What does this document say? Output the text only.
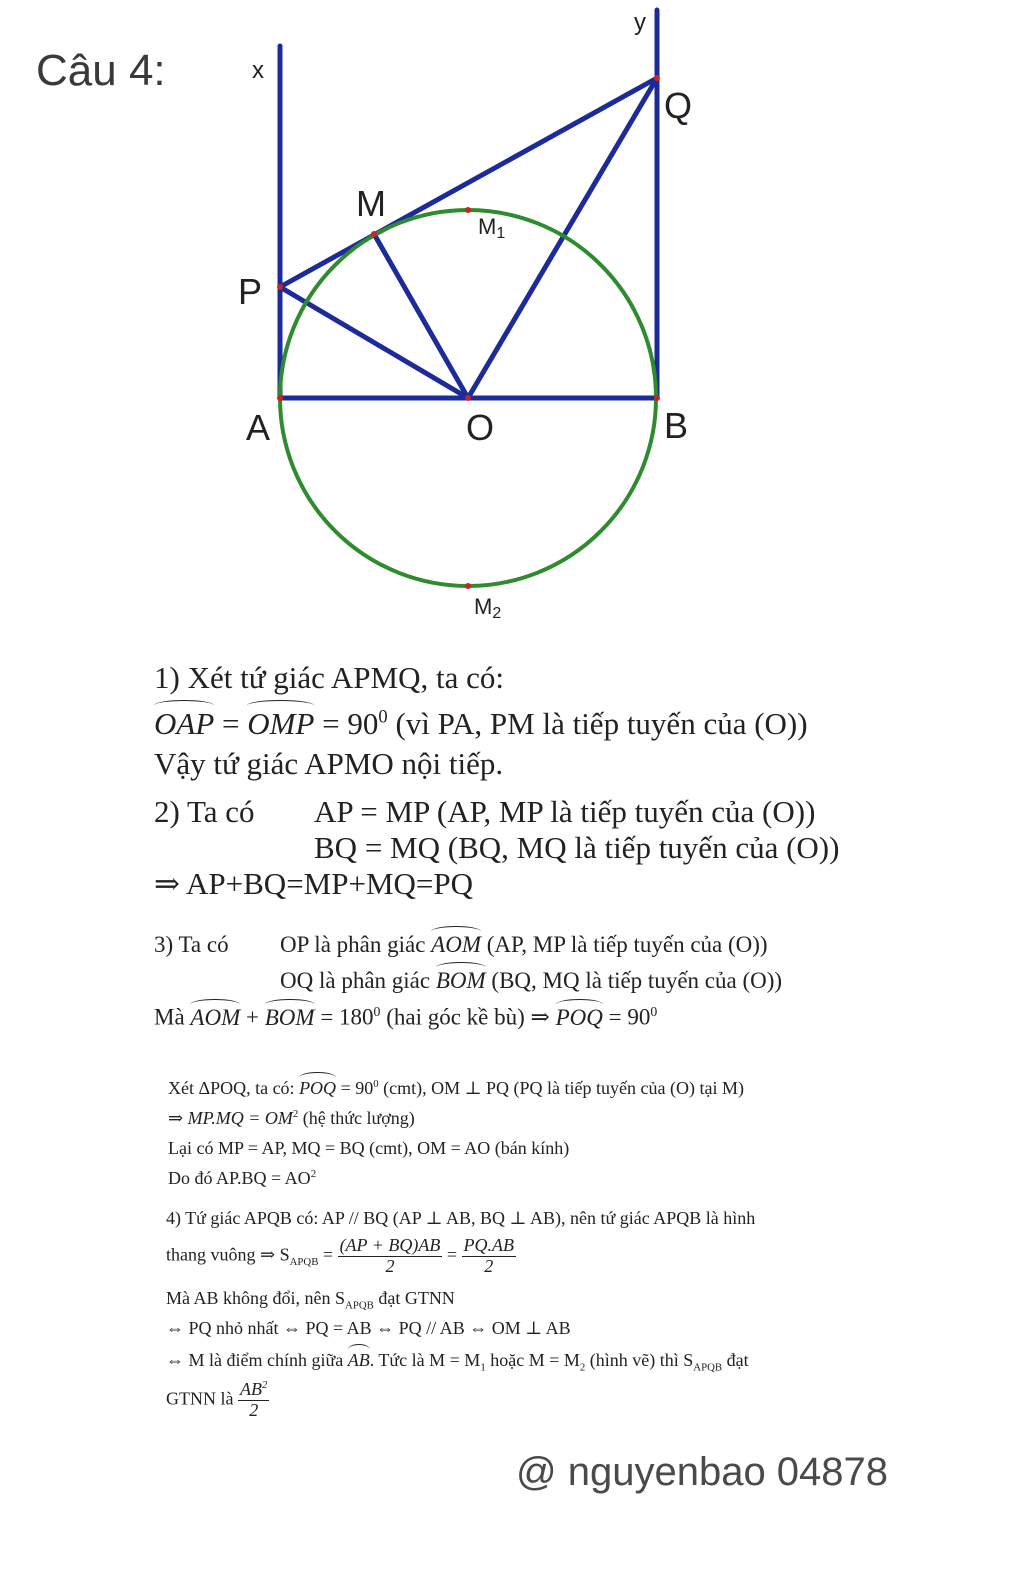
Câu 4:	x
y
Q
M
M1
P
A	O	B
M2
1) Xét tứ giác APMQ, ta có:
OAP = OMP = $90^0$ (vì PA, PM là tiếp tuyến của (O))
Vậy tứ giác APMO nội tiếp.
2) Ta có AP = MP (AP, MP là tiếp tuyến của (O))
BQ = MQ (BQ, MQ là tiếp tuyến của (O))
⇒ AP+BQ=MP+MQ=PQ
3) Ta có OP là phân giác AOM (AP, MP là tiếp tuyến của (O))
OQ là phân giác BOM (BQ, MQ là tiếp tuyến của (O))
Mà AOM + BOM = $180^0$ (hai góc kề bù) ⇒ POQ = $90^0$
Xét ΔPOQ, ta có: POQ = $90^0$ (cmt), OM ⊥ PQ (PQ là tiếp tuyến của (O) tại M)
⇒ $MP.MQ = OM^2$ (hệ thức lượng)
Lại có MP = AP, MQ = BQ (cmt), OM = AO (bán kính)
Do đó $AP.BQ = AO^2$
4) Tứ giác APQB có: AP // BQ (AP ⊥ AB, BQ ⊥ AB), nên tứ giác APQB là hình
thang vuông ⇒ $S_{APQB} = \frac{(AP + BQ)AB}{2} = \frac{PQ.AB}{2}$
Mà AB không đổi, nên $S_{APQB}$ đạt GTNN
⇔ PQ nhỏ nhất ⇔ PQ = AB ⇔ PQ // AB ⇔ OM ⊥ AB
⇔ M là điểm chính giữa AB. Tức là $M = M_1$ hoặc $M = M_2$ (hình vẽ) thì $S_{APQB}$ đạt
GTNN là $\frac{AB^2}{2}$
@ nguyenbao 04878
